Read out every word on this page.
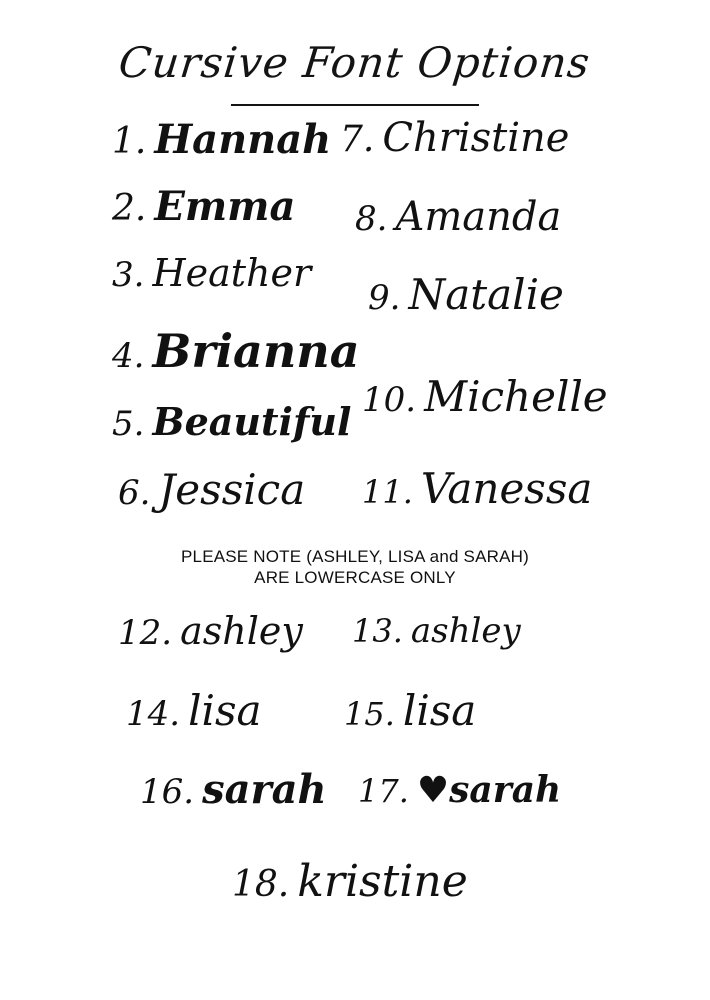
Cursive Font Options
1. Hannah
2. Emma
3. Heather
4. Brianna
5. Beautiful
6. Jessica
7. Christine
8. Amanda
9. Natalie
10. Michelle
11. Vanessa
PLEASE NOTE (ASHLEY, LISA and SARAH)
ARE LOWERCASE ONLY
12. ashley 13. ashley
14. lisa	15. lisa
16. sarah 17. ♥sarah
18. kristine
